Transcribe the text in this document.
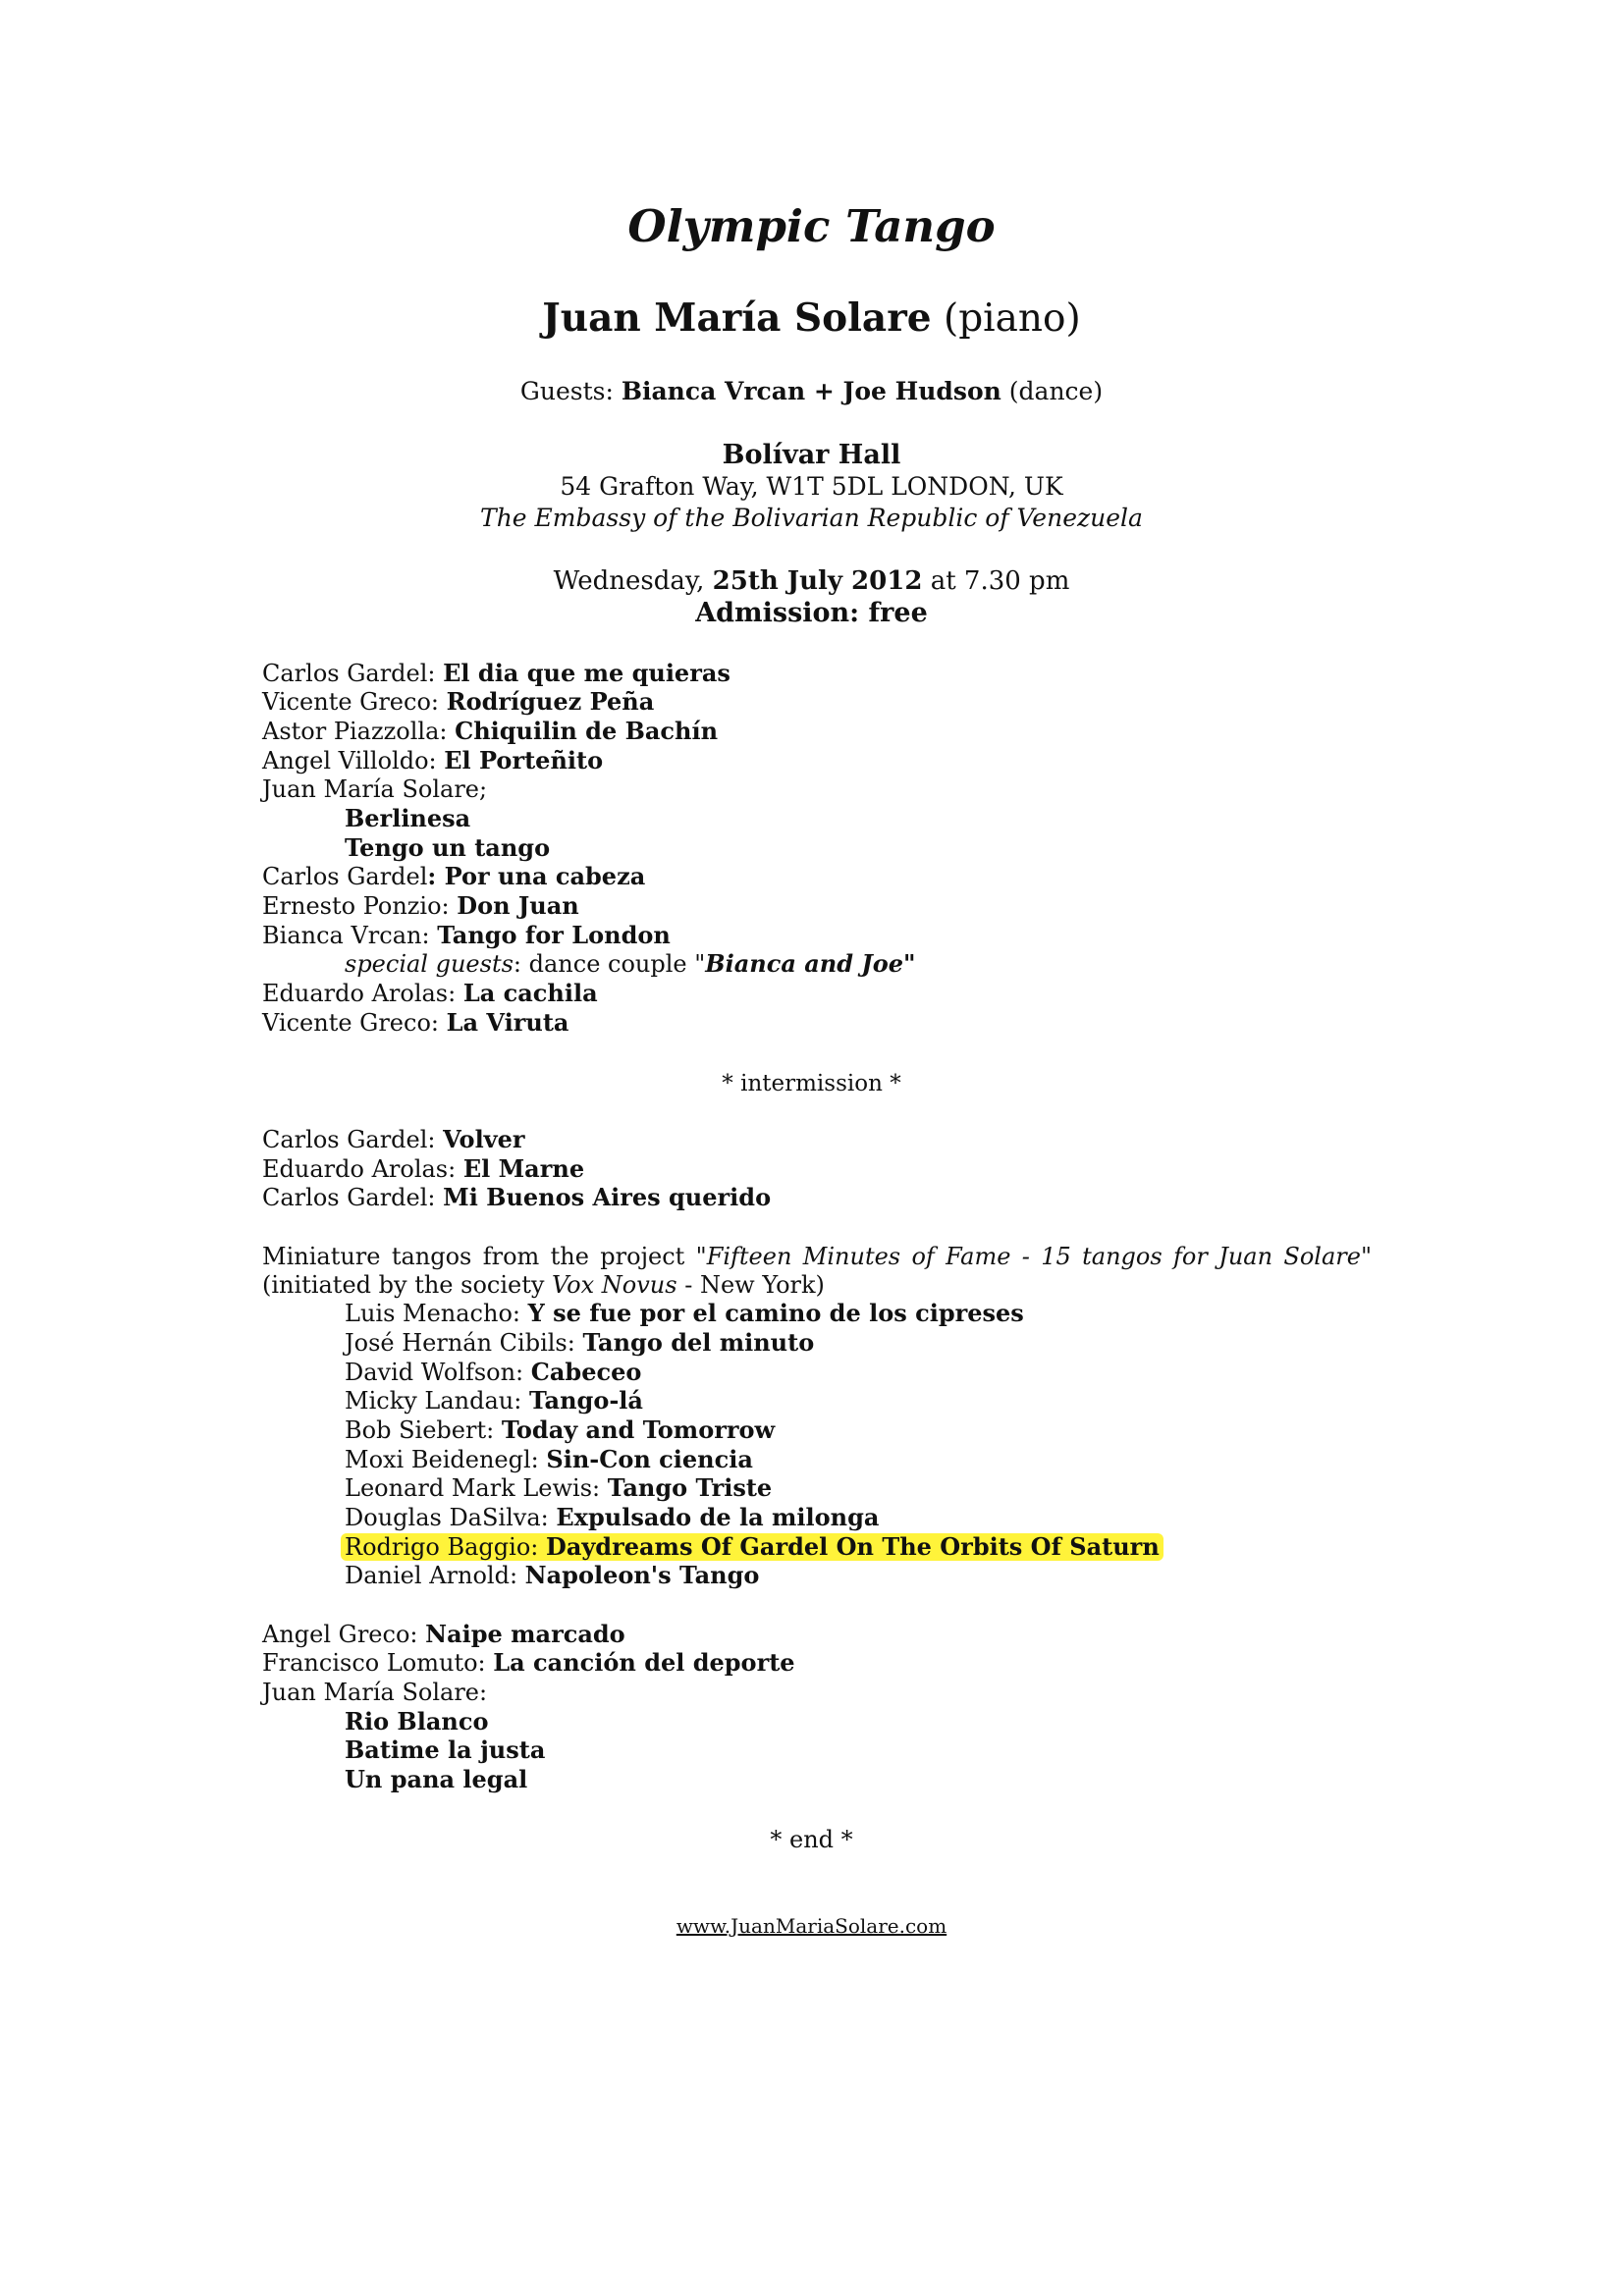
Olympic Tango
Juan María Solare (piano)
Guests: Bianca Vrcan + Joe Hudson (dance)
Bolívar Hall
54 Grafton Way, W1T 5DL LONDON, UK
The Embassy of the Bolivarian Republic of Venezuela
Wednesday, 25th July 2012 at 7.30 pm
Admission: free
Carlos Gardel: El dia que me quieras
Vicente Greco: Rodríguez Peña
Astor Piazzolla: Chiquilin de Bachín
Angel Villoldo: El Porteñito
Juan María Solare;
Berlinesa
Tengo un tango
Carlos Gardel: Por una cabeza
Ernesto Ponzio: Don Juan
Bianca Vrcan: Tango for London
special guests: dance couple "Bianca and Joe"
Eduardo Arolas: La cachila
Vicente Greco: La Viruta
* intermission *
Carlos Gardel: Volver
Eduardo Arolas: El Marne
Carlos Gardel: Mi Buenos Aires querido
Miniature tangos from the project "Fifteen Minutes of Fame - 15 tangos for Juan Solare"
(initiated by the society Vox Novus - New York)
Luis Menacho: Y se fue por el camino de los cipreses
José Hernán Cibils: Tango del minuto
David Wolfson: Cabeceo
Micky Landau: Tango-lá
Bob Siebert: Today and Tomorrow
Moxi Beidenegl: Sin-Con ciencia
Leonard Mark Lewis: Tango Triste
Douglas DaSilva: Expulsado de la milonga
Rodrigo Baggio: Daydreams Of Gardel On The Orbits Of Saturn
Daniel Arnold: Napoleon's Tango
Angel Greco: Naipe marcado
Francisco Lomuto: La canción del deporte
Juan María Solare:
Rio Blanco
Batime la justa
Un pana legal
* end *
www.JuanMariaSolare.com
